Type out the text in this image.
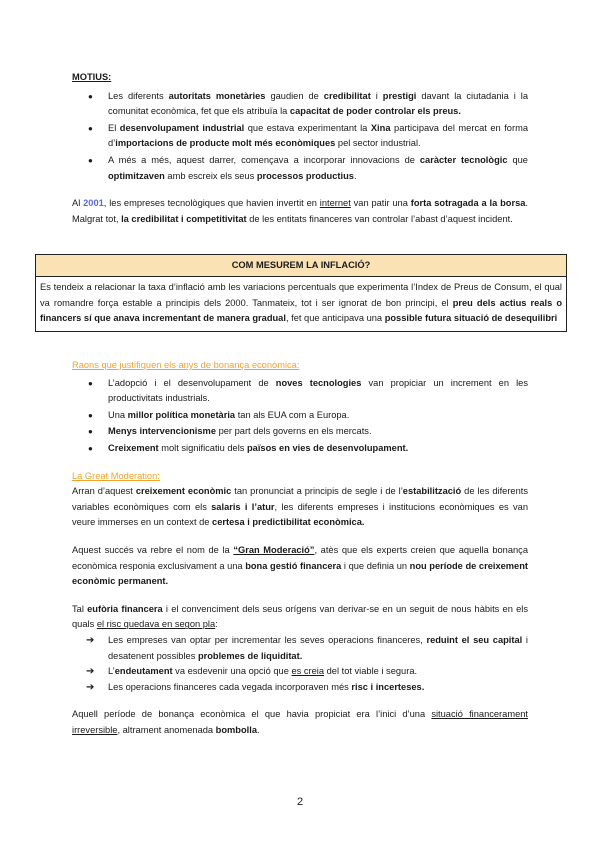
MOTIUS:
● Les diferents autoritats monetàries gaudien de credibilitat i prestigi davant la ciutadania i la comunitat econòmica, fet que els atribuïa la capacitat de poder controlar els preus.
● El desenvolupament industrial que estava experimentant la Xina participava del mercat en forma d’importacions de producte molt més econòmiques pel sector industrial.
● A més a més, aquest darrer, començava a incorporar innovacions de caràcter tecnològic que optimitzaven amb escreix els seus processos productius.

Al 2001, les empreses tecnològiques que havien invertit en internet van patir una forta sotragada a la borsa. Malgrat tot, la credibilitat i competitivitat de les entitats financeres van controlar l’abast d’aquest incident.

COM MESUREM LA INFLACIÓ?
Es tendeix a relacionar la taxa d’inflació amb les variacions percentuals que experimenta l’Index de Preus de Consum, el qual va romandre força estable a principis dels 2000. Tanmateix, tot i ser ignorat de bon principi, el preu dels actius reals o financers sí que anava incrementant de manera gradual, fet que anticipava una possible futura situació de desequilibri
Raons que justifiquen els anys de bonança econòmica:
● L’adopció i el desenvolupament de noves tecnologies van propiciar un increment en les productivitats industrials.
● Una millor política monetària tan als EUA com a Europa.
● Menys intervencionisme per part dels governs en els mercats.
● Creixement molt significatiu dels països en vies de desenvolupament.
La Great Moderation:

Arran d’aquest creixement econòmic tan pronunciat a principis de segle i de l’estabilització de les diferents variables econòmiques com els salaris i l’atur, les diferents empreses i institucions econòmiques es van veure immerses en un context de certesa i predictibilitat econòmica.

Aquest succés va rebre el nom de la “Gran Moderació”, atès que els experts creien que aquella bonança econòmica responia exclusivament a una bona gestió financera i que definia un nou període de creixement econòmic permanent.

Tal eufòria financera i el convenciment dels seus orígens van derivar-se en un seguit de nous hàbits en els quals el risc quedava en segon pla:

➔ Les empreses van optar per incrementar les seves operacions financeres, reduint el seu capital i desatenent possibles problemes de liquiditat.
➔ L’endeutament va esdevenir una opció que es creia del tot viable i segura.
➔ Les operacions financeres cada vegada incorporaven més risc i incerteses.

Aquell període de bonança econòmica el que havia propiciat era l’inici d’una situació financerament irreversible, altrament anomenada bombolla.

2
